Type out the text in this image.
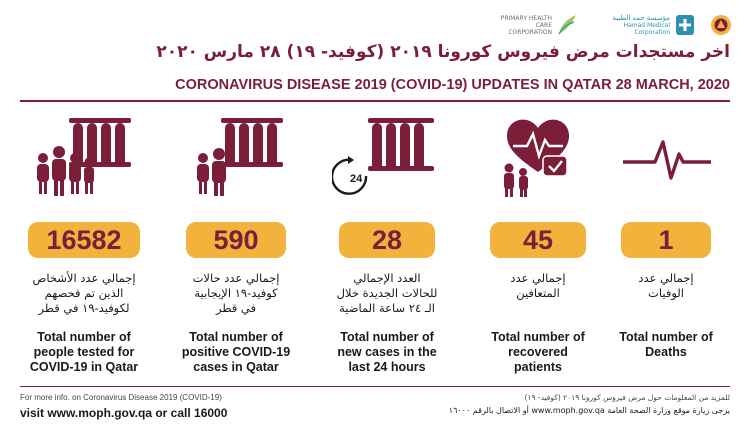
PRIMARY HEALTH CARE CORPORATION
مؤسسة حمد الطبية
Hamad Medical Corporation
اخر مستجدات مرض فيروس كورونا ٢٠١٩ (كوفيد- ١٩) ٢٨ مارس ٢٠٢٠
CORONAVIRUS DISEASE 2019 (COVID-19) UPDATES IN QATAR 28 MARCH, 2020
16582
إجمالي عدد الأشخاص
الذين تم فحصهم
لكوفيد-١٩ في قطر
Total number of
people tested for
COVID-19 in Qatar
590
إجمالي عدد حالات
كوفيد-١٩ الإيجابية
في قطر
Total number of
positive COVID-19
cases in Qatar
24
28
العدد الإجمالي
للحالات الجديدة خلال
الـ ٢٤ ساعة الماضية
Total number of
new cases in the
last 24 hours
45
إجمالي عدد
المتعافين
Total number of
recovered
patients
1
إجمالي عدد
الوفيات
Total number of
Deaths
For more info. on Coronavirus Disease 2019 (COVID-19)
visit www.moph.gov.qa or call 16000
للمزيد من المعلومات حول مرض فيروس كورونا ٢٠١٩ (كوفيد- ١٩)
يرجى زيارة موقع وزارة الصحة العامة www.moph.gov.qa أو الاتصال بالرقم ١٦٠٠٠
